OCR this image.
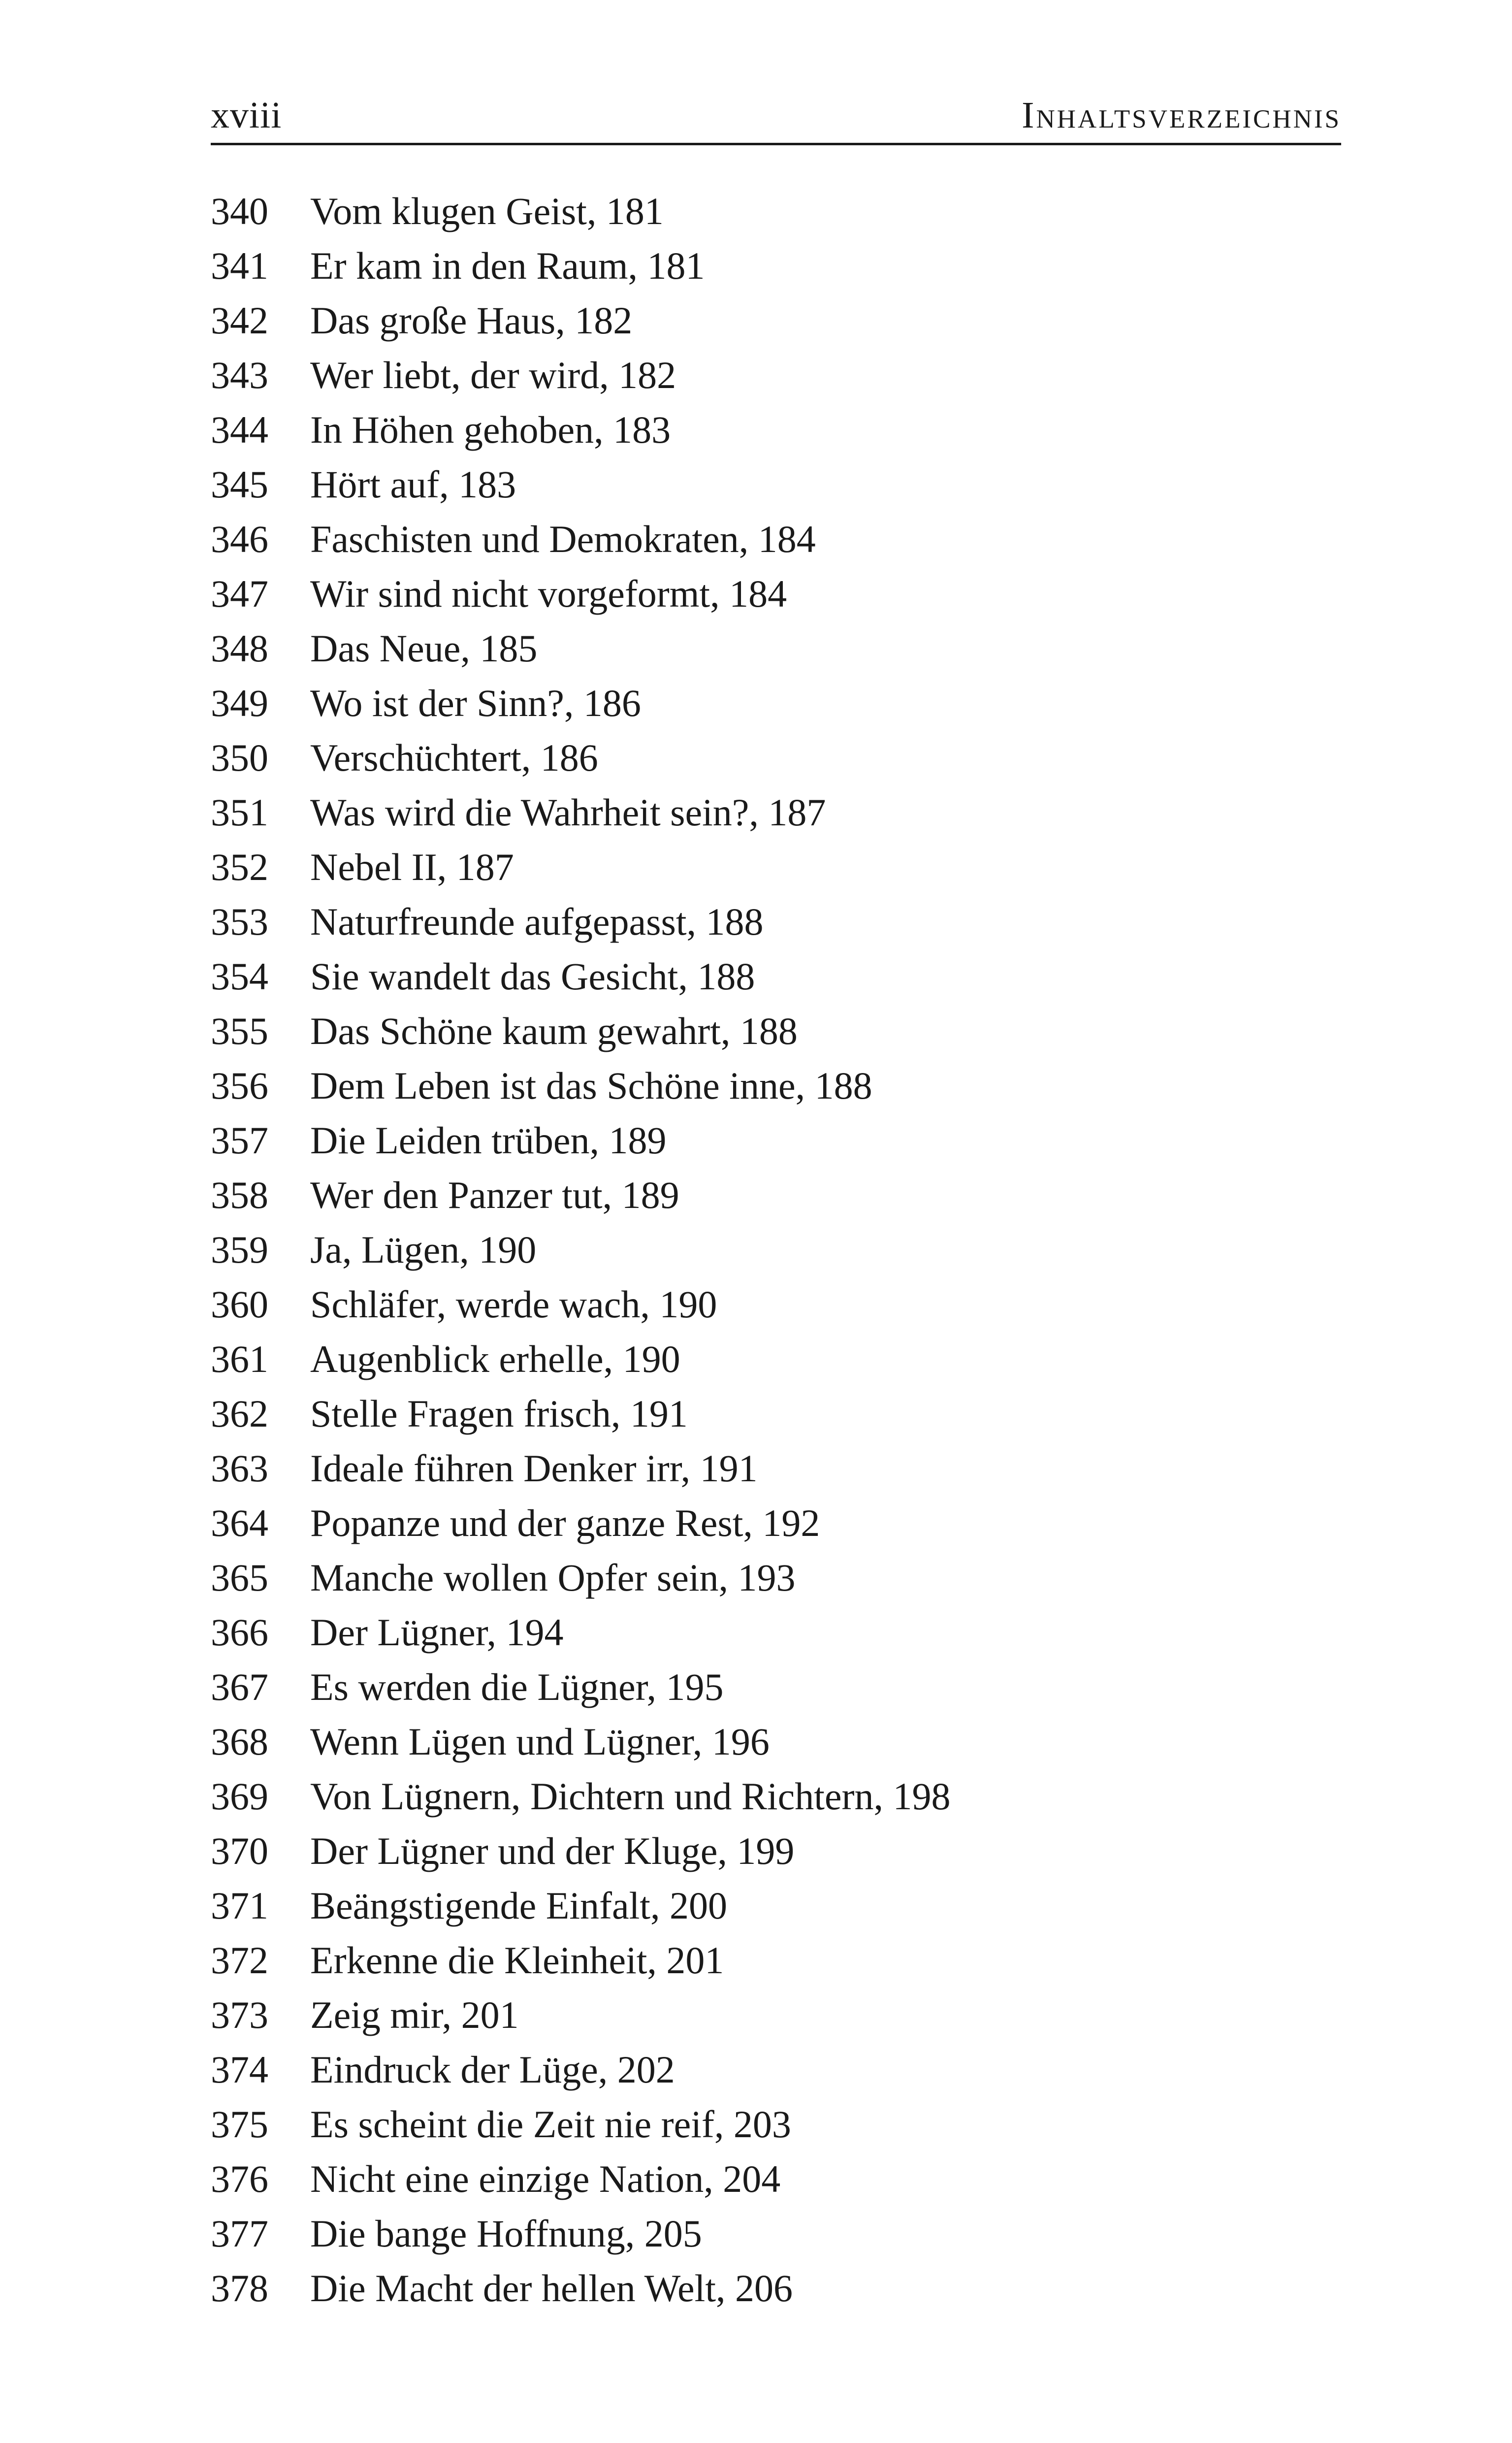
xviii	Inhaltsverzeichnis
340	Vom klugen Geist, 181
341	Er kam in den Raum, 181
342	Das große Haus, 182
343	Wer liebt, der wird, 182
344	In Höhen gehoben, 183
345	Hört auf, 183
346	Faschisten und Demokraten, 184
347	Wir sind nicht vorgeformt, 184
348	Das Neue, 185
349	Wo ist der Sinn?, 186
350	Verschüchtert, 186
351	Was wird die Wahrheit sein?, 187
352	Nebel II, 187
353	Naturfreunde aufgepasst, 188
354	Sie wandelt das Gesicht, 188
355	Das Schöne kaum gewahrt, 188
356	Dem Leben ist das Schöne inne, 188
357	Die Leiden trüben, 189
358	Wer den Panzer tut, 189
359	Ja, Lügen, 190
360	Schläfer, werde wach, 190
361	Augenblick erhelle, 190
362	Stelle Fragen frisch, 191
363	Ideale führen Denker irr, 191
364	Popanze und der ganze Rest, 192
365	Manche wollen Opfer sein, 193
366	Der Lügner, 194
367	Es werden die Lügner, 195
368	Wenn Lügen und Lügner, 196
369	Von Lügnern, Dichtern und Richtern, 198
370	Der Lügner und der Kluge, 199
371	Beängstigende Einfalt, 200
372	Erkenne die Kleinheit, 201
373	Zeig mir, 201
374	Eindruck der Lüge, 202
375	Es scheint die Zeit nie reif, 203
376	Nicht eine einzige Nation, 204
377	Die bange Hoffnung, 205
378	Die Macht der hellen Welt, 206
